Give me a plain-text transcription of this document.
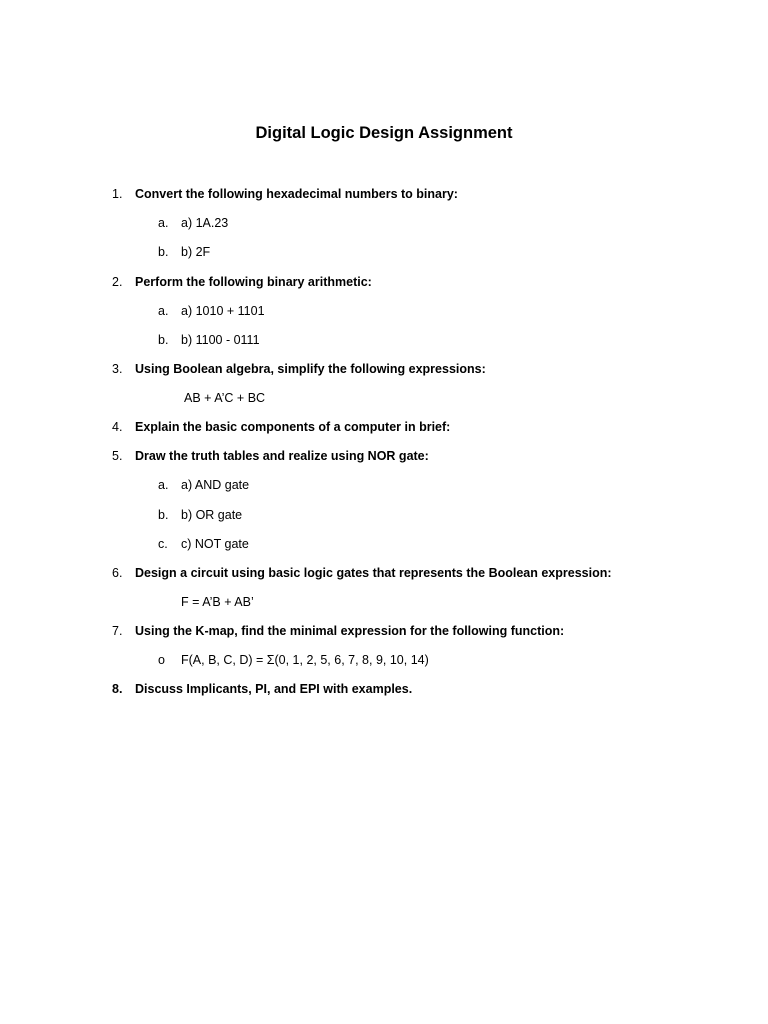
Digital Logic Design Assignment
1.	Convert the following hexadecimal numbers to binary:
a. a) 1A.23
b. b) 2F
2.	Perform the following binary arithmetic:
a. a) 1010 + 1101
b. b) 1100 - 0111
3.	Using Boolean algebra, simplify the following expressions:
AB + A’C + BC
4.	Explain the basic components of a computer in brief:
5.	Draw the truth tables and realize using NOR gate:
a. a) AND gate
b. b) OR gate
c. c) NOT gate
6.	Design a circuit using basic logic gates that represents the Boolean expression:
F = A’B + AB’
7.	Using the K-map, find the minimal expression for the following function:
o F(A, B, C, D) = Σ(0, 1, 2, 5, 6, 7, 8, 9, 10, 14)
8.	Discuss Implicants, PI, and EPI with examples.
